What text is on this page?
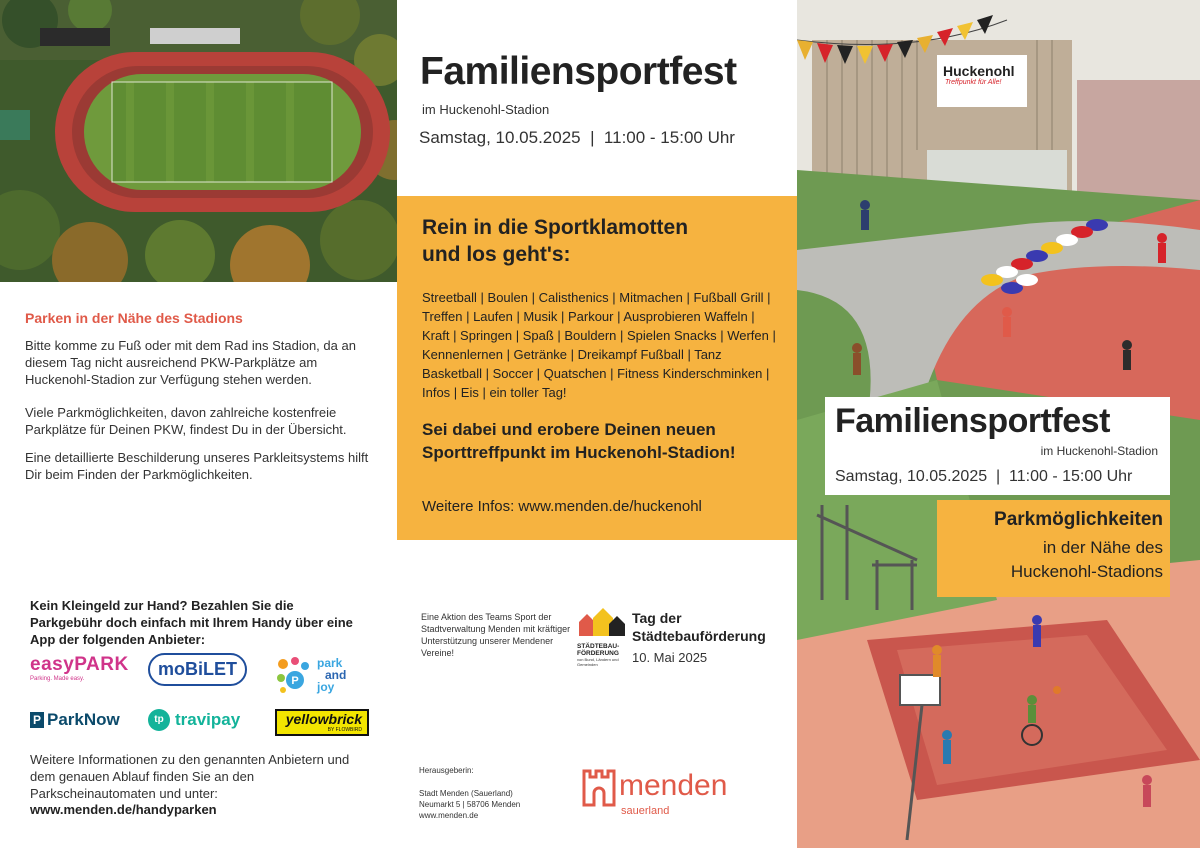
Parken in der Nähe des Stadions
Bitte komme zu Fuß oder mit dem Rad ins Stadion, da an diesem Tag nicht ausreichend PKW-Parkplätze am Huckenohl-Stadion zur Verfügung stehen werden.
Viele Parkmöglichkeiten, davon zahlreiche kostenfreie Parkplätze für Deinen PKW, findest Du in der Übersicht.
Eine detaillierte Beschilderung unseres Parkleitsystems hilft Dir beim Finden der Parkmöglichkeiten.
Kein Kleingeld zur Hand? Bezahlen Sie die Parkgebühr doch einfach mit Ihrem Handy über eine App der folgenden Anbieter:
easyPARK
Parking. Made easy.
moBiLET
P
park
and
joy
P ParkNow	tp travipay	yellowbrick
BY FLOWBIRD
Weitere Informationen zu den genannten Anbietern und dem genauen Ablauf finden Sie an den Parkscheinautomaten und unter:
www.menden.de/handyparken
Familiensportfest
im Huckenohl-Stadion
Samstag, 10.05.2025  |  11:00 - 15:00 Uhr
Rein in die Sportklamotten
und los geht's:
Streetball | Boulen | Calisthenics | Mitmachen | Fußball Grill | Treffen | Laufen | Musik | Parkour | Ausprobieren Waffeln | Kraft | Springen | Spaß | Bouldern | Spielen Snacks | Werfen | Kennenlernen | Getränke | Dreikampf Fußball | Tanz Basketball | Soccer | Quatschen | Fitness Kinderschminken | Infos | Eis | ein toller Tag!
Sei dabei und erobere Deinen neuen Sporttreffpunkt im Huckenohl-Stadion!
Weitere Infos: www.menden.de/huckenohl
Eine Aktion des Teams Sport der Stadtverwaltung Menden mit kräftiger Unterstützung unserer Mendener Vereine!
STÄDTEBAU-
FÖRDERUNG
von Bund, Ländern und
Gemeinden
Tag der
Städtebauförderung
10. Mai 2025
Herausgeberin:
Stadt Menden (Sauerland)
Neumarkt 5 | 58706 Menden
www.menden.de
menden
sauerland
Huckenohl
Treffpunkt für Alle!
Familiensportfest
im Huckenohl-Stadion
Samstag, 10.05.2025  |  11:00 - 15:00 Uhr
Parkmöglichkeiten
in der Nähe des
Huckenohl-Stadions
